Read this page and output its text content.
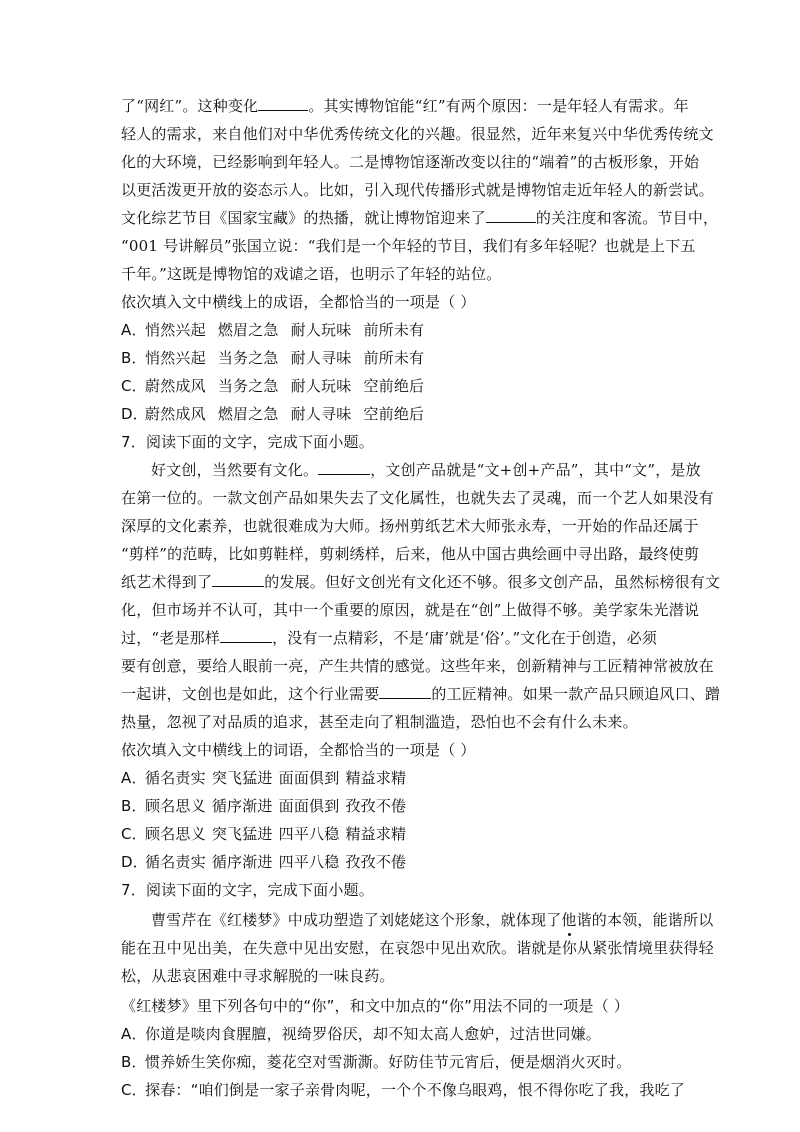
了“网红”。这种变化	。其实博物馆能“红”有两个原因：一是年轻人有需求。年
轻人的需求，来自他们对中华优秀传统文化的兴趣。很显然，近年来复兴中华优秀传统文
化的大环境，已经影响到年轻人。二是博物馆逐渐改变以往的“端着”的古板形象，开始
以更活泼更开放的姿态示人。比如，引入现代传播形式就是博物馆走近年轻人的新尝试。
文化综艺节目《国家宝藏》的热播，就让博物馆迎来了	的关注度和客流。节目中，
“001 号讲解员”张国立说：“我们是一个年轻的节目，我们有多年轻呢？也就是上下五
千年。”这既是博物馆的戏谑之语，也明示了年轻的站位。
依次填入文中横线上的成语，全都恰当的一项是（ ）
A．悄然兴起 燃眉之急 耐人玩味 前所未有
B．悄然兴起 当务之急 耐人寻味 前所未有
C．蔚然成风 当务之急 耐人玩味 空前绝后
D．蔚然成风 燃眉之急 耐人寻味 空前绝后
7．阅读下面的文字，完成下面小题。
好文创，当然要有文化。	，文创产品就是“文+创+产品”，其中“文”，是放
在第一位的。一款文创产品如果失去了文化属性，也就失去了灵魂，而一个艺人如果没有
深厚的文化素养，也就很难成为大师。扬州剪纸艺术大师张永寿，一开始的作品还属于
“剪样”的范畴，比如剪鞋样，剪刺绣样，后来，他从中国古典绘画中寻出路，最终使剪
纸艺术得到了	的发展。但好文创光有文化还不够。很多文创产品，虽然标榜很有文
化，但市场并不认可，其中一个重要的原因，就是在“创”上做得不够。美学家朱光潜说
过，“老是那样	，没有一点精彩，不是‘庸’就是‘俗’。”文化在于创造，必须
要有创意，要给人眼前一亮，产生共情的感觉。这些年来，创新精神与工匠精神常被放在
一起讲，文创也是如此，这个行业需要	的工匠精神。如果一款产品只顾追风口、蹭
热量，忽视了对品质的追求，甚至走向了粗制滥造，恐怕也不会有什么未来。
依次填入文中横线上的词语，全都恰当的一项是（ ）
A．循名责实 突飞猛进 面面俱到 精益求精
B．顾名思义 循序渐进 面面俱到 孜孜不倦
C．顾名思义 突飞猛进 四平八稳 精益求精
D．循名责实 循序渐进 四平八稳 孜孜不倦
7．阅读下面的文字，完成下面小题。
曹雪芹在《红楼梦》中成功塑造了刘姥姥这个形象，就体现了他谐的本领，能谐所以
能在丑中见出美，在失意中见出安慰，在哀怨中见出欢欣。谐就是
你从紧张情境里获得轻
松，从悲哀困难中寻求解脱的一味良药。
《红楼梦》里下列各句中的“你”，和文中加点的“你”用法不同的一项是（ ）
A．你道是啖肉食腥膻，视绮罗俗厌，却不知太高人愈妒，过洁世同嫌。
B．惯养娇生笑你痴，菱花空对雪澌澌。好防佳节元宵后，便是烟消火灭时。
C．探春：“咱们倒是一家子亲骨肉呢，一个个不像乌眼鸡，恨不得你吃了我，我吃了
